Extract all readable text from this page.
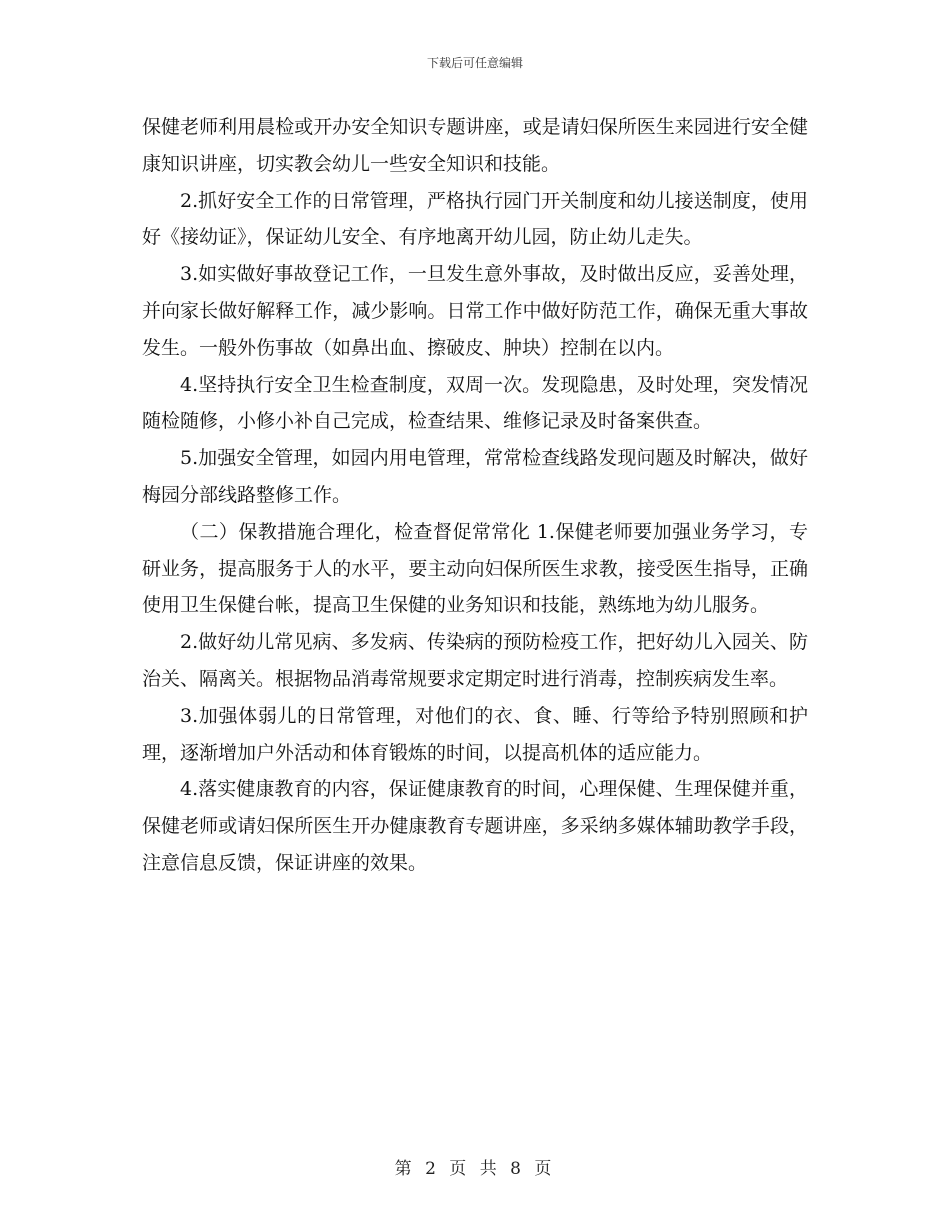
下载后可任意编辑

保健老师利用晨检或开办安全知识专题讲座，或是请妇保所医生来园进行安全健康知识讲座，切实教会幼儿一些安全知识和技能。

2.抓好安全工作的日常管理，严格执行园门开关制度和幼儿接送制度，使用好《接幼证》，保证幼儿安全、有序地离开幼儿园，防止幼儿走失。

3.如实做好事故登记工作，一旦发生意外事故，及时做出反应，妥善处理，并向家长做好解释工作，减少影响。日常工作中做好防范工作，确保无重大事故发生。一般外伤事故（如鼻出血、擦破皮、肿块）控制在以内。

4.坚持执行安全卫生检查制度，双周一次。发现隐患，及时处理，突发情况随检随修，小修小补自己完成，检查结果、维修记录及时备案供查。

5.加强安全管理，如园内用电管理，常常检查线路发现问题及时解决，做好梅园分部线路整修工作。

（二）保教措施合理化，检查督促常常化 1.保健老师要加强业务学习，专研业务，提高服务于人的水平，要主动向妇保所医生求教，接受医生指导，正确使用卫生保健台帐，提高卫生保健的业务知识和技能，熟练地为幼儿服务。

2.做好幼儿常见病、多发病、传染病的预防检疫工作，把好幼儿入园关、防治关、隔离关。根据物品消毒常规要求定期定时进行消毒，控制疾病发生率。

3.加强体弱儿的日常管理，对他们的衣、食、睡、行等给予特别照顾和护理，逐渐增加户外活动和体育锻炼的时间，以提高机体的适应能力。

4.落实健康教育的内容，保证健康教育的时间，心理保健、生理保健并重，保健老师或请妇保所医生开办健康教育专题讲座，多采纳多媒体辅助教学手段，注意信息反馈，保证讲座的效果。

第 2 页 共 8 页
